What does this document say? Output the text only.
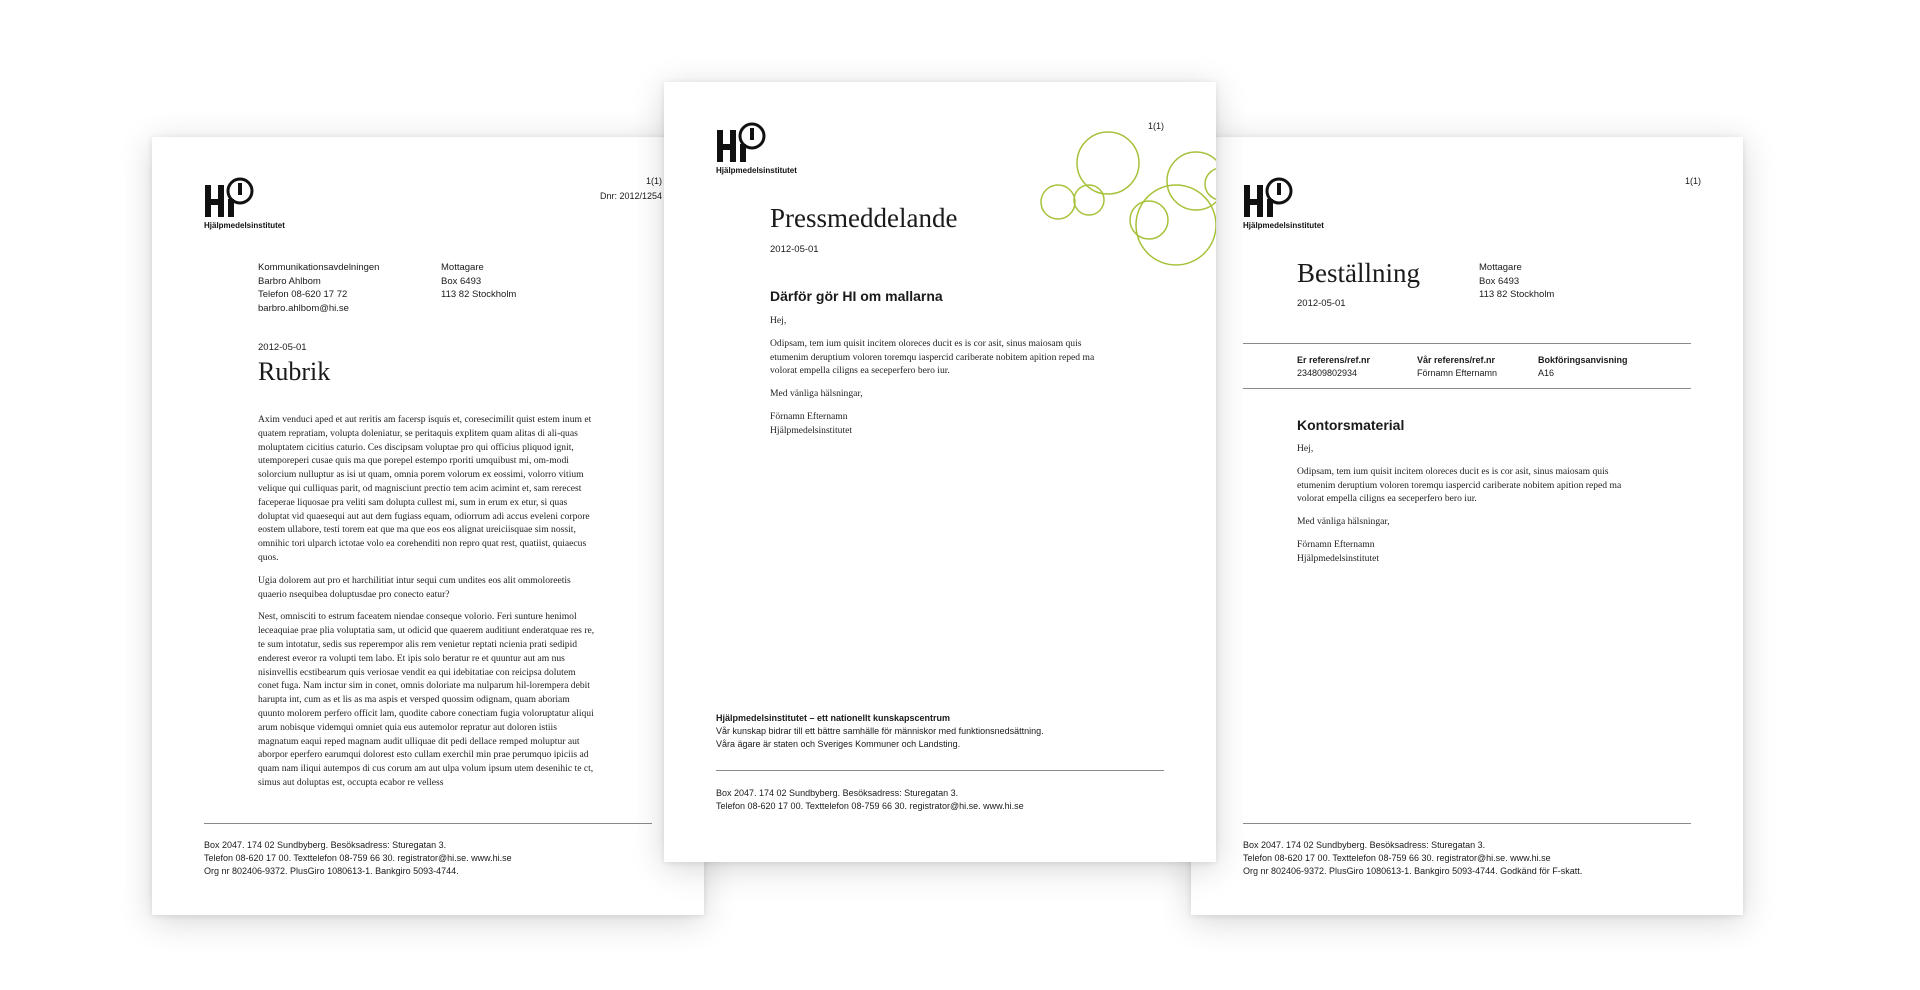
Hjälpmedelsinstitutet
1(1)
Dnr: 2012/1254
Kommunikationsavdelningen
Barbro Ahlbom
Telefon 08-620 17 72
barbro.ahlbom@hi.se
Mottagare
Box 6493
113 82 Stockholm
2012-05-01
Rubrik

Axim venduci aped et aut reritis am facersp isquis et, coresecimilit quist estem inum et quatem repratiam, volupta doleniatur, se peritaquis explitem quam alitas di ali-quas moluptatem cicitius caturio. Ces discipsam voluptae pro qui officius pliquod ignit, utemporeperi cusae quis ma que porepel estempo rporiti umquibust mi, om-modi solorcium nulluptur as isi ut quam, omnia porem volorum ex eossimi, volorro vitium velique qui culliquas parit, od magnisciunt prectio tem acim acimint et, sam rerecest faceperae liquosae pra veliti sam dolupta cullest mi, sum in erum ex etur, si quas doluptat vid quaesequi aut aut dem fugiass equam, odiorrum adi accus eveleni corpore eostem ullabore, testi torem eat que ma que eos eos alignat ureiciisquae sim nossit, omnihic tori ulparch ictotae volo ea corehenditi non repro quat rest, quatiist, quiaecus quos.

Ugia dolorem aut pro et harchilitiat intur sequi cum undites eos alit ommoloreetis quaerio nsequibea doluptusdae pro conecto eatur?

Nest, omnisciti to estrum faceatem niendae conseque volorio. Feri sunture henimol leceaquiae prae plia voluptatia sam, ut odicid que quaerem auditiunt enderatquae res re, te sum intotatur, sedis sus reperempor alis rem venietur reptati ncienia prati sedipid enderest everor ra volupti tem labo. Et ipis solo beratur re et quuntur aut am nus nisinvellis ecstibearum quis veriosae vendit ea qui idebitatiae con reicipsa dolutem conet fuga. Nam inctur sim in conet, omnis doloriate ma nulparum hil-lorempera debit harupta int, cum as et lis as ma aspis et versped quossim odignam, quam aboriam quunto molorem perfero officit lam, quodite cabore conectiam fugia voloruptatur aliqui arum nobisque videmqui omniet quia eus autemolor repratur aut doloren istiis magnatum eaqui reped magnam audit ulliquae dit pedi dellace remped moluptur aut aborpor eperfero earumqui dolorest esto cullam exerchil min prae perumquo ipiciis ad quam nam iliqui autempos di cus corum am aut ulpa volum ipsum utem desenihic te ct, simus aut doluptas est, occupta ecabor re velless

Box 2047. 174 02 Sundbyberg. Besöksadress: Sturegatan 3.
Telefon 08-620 17 00. Texttelefon 08-759 66 30. registrator@hi.se. www.hi.se
Org nr 802406-9372. PlusGiro 1080613-1. Bankgiro 5093-4744.
Hjälpmedelsinstitutet
1(1)
Pressmeddelande
2012-05-01
Därför gör HI om mallarna

Hej,

Odipsam, tem ium quisit incitem oloreces ducit es is cor asit, sinus maiosam quis etumenim deruptium voloren toremqu iaspercid cariberate nobitem apition reped ma volorat empella ciligns ea seceperfero bero iur.

Med vänliga hälsningar,

Förnamn Efternamn
Hjälpmedelsinstitutet
Hjälpmedelsinstitutet – ett nationellt kunskapscentrum
Vår kunskap bidrar till ett bättre samhälle för människor med funktionsnedsättning.
Våra ägare är staten och Sveriges Kommuner och Landsting.
Box 2047. 174 02 Sundbyberg. Besöksadress: Sturegatan 3.
Telefon 08-620 17 00. Texttelefon 08-759 66 30. registrator@hi.se. www.hi.se
Hjälpmedelsinstitutet
1(1)
Beställning
2012-05-01
Mottagare
Box 6493
113 82 Stockholm
Er referens/ref.nr
234809802934
Vår referens/ref.nr
Förnamn Efternamn
Bokföringsanvisning
A16
Kontorsmaterial

Hej,

Odipsam, tem ium quisit incitem oloreces ducit es is cor asit, sinus maiosam quis etumenim deruptium voloren toremqu iaspercid cariberate nobitem apition reped ma volorat empella ciligns ea seceperfero bero iur.

Med vänliga hälsningar,

Förnamn Efternamn
Hjälpmedelsinstitutet
Box 2047. 174 02 Sundbyberg. Besöksadress: Sturegatan 3.
Telefon 08-620 17 00. Texttelefon 08-759 66 30. registrator@hi.se. www.hi.se
Org nr 802406-9372. PlusGiro 1080613-1. Bankgiro 5093-4744. Godkänd för F-skatt.
